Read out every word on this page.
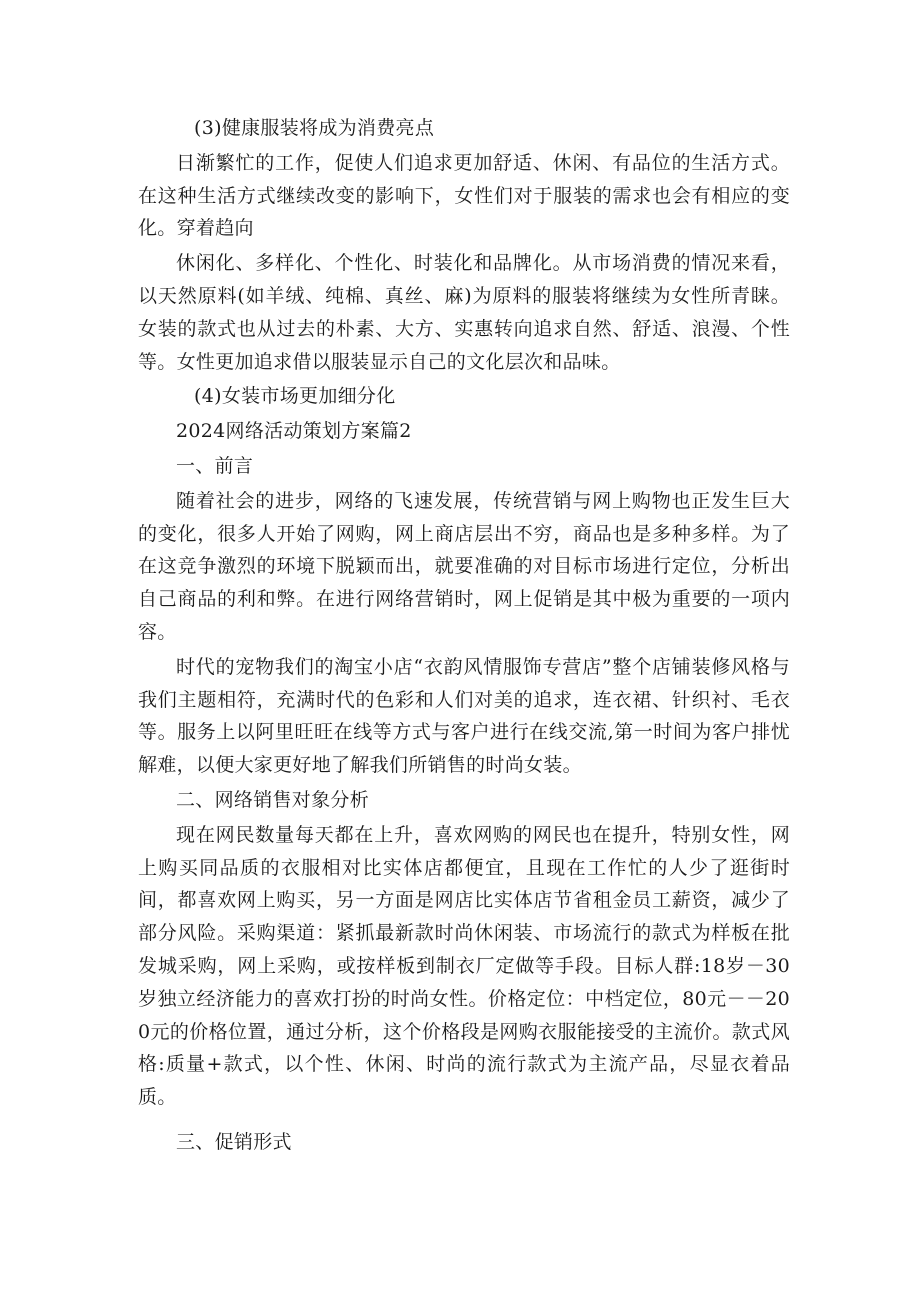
(3)健康服装将成为消费亮点

日渐繁忙的工作，促使人们追求更加舒适、休闲、有品位的生活方式。在这种生活方式继续改变的影响下，女性们对于服装的需求也会有相应的变化。穿着趋向

休闲化、多样化、个性化、时装化和品牌化。从市场消费的情况来看，以天然原料(如羊绒、纯棉、真丝、麻)为原料的服装将继续为女性所青睐。女装的款式也从过去的朴素、大方、实惠转向追求自然、舒适、浪漫、个性等。女性更加追求借以服装显示自己的文化层次和品味。

(4)女装市场更加细分化

2024网络活动策划方案篇2

一、前言

随着社会的进步，网络的飞速发展，传统营销与网上购物也正发生巨大的变化，很多人开始了网购，网上商店层出不穷，商品也是多种多样。为了在这竞争激烈的环境下脱颖而出，就要准确的对目标市场进行定位，分析出自己商品的利和弊。在进行网络营销时，网上促销是其中极为重要的一项内容。

时代的宠物我们的淘宝小店“衣韵风情服饰专营店”整个店铺装修风格与我们主题相符，充满时代的色彩和人们对美的追求，连衣裙、针织衬、毛衣等。服务上以阿里旺旺在线等方式与客户进行在线交流,第一时间为客户排忧解难，以便大家更好地了解我们所销售的时尚女装。

二、网络销售对象分析

现在网民数量每天都在上升，喜欢网购的网民也在提升，特别女性，网上购买同品质的衣服相对比实体店都便宜，且现在工作忙的人少了逛街时间，都喜欢网上购买，另一方面是网店比实体店节省租金员工薪资，减少了部分风险。采购渠道：紧抓最新款时尚休闲装、市场流行的款式为样板在批发城采购，网上采购，或按样板到制衣厂定做等手段。目标人群:18岁－30岁独立经济能力的喜欢打扮的时尚女性。价格定位：中档定位，80元－－200元的价格位置，通过分析，这个价格段是网购衣服能接受的主流价。款式风格:质量+款式，以个性、休闲、时尚的流行款式为主流产品，尽显衣着品质。

三、促销形式
